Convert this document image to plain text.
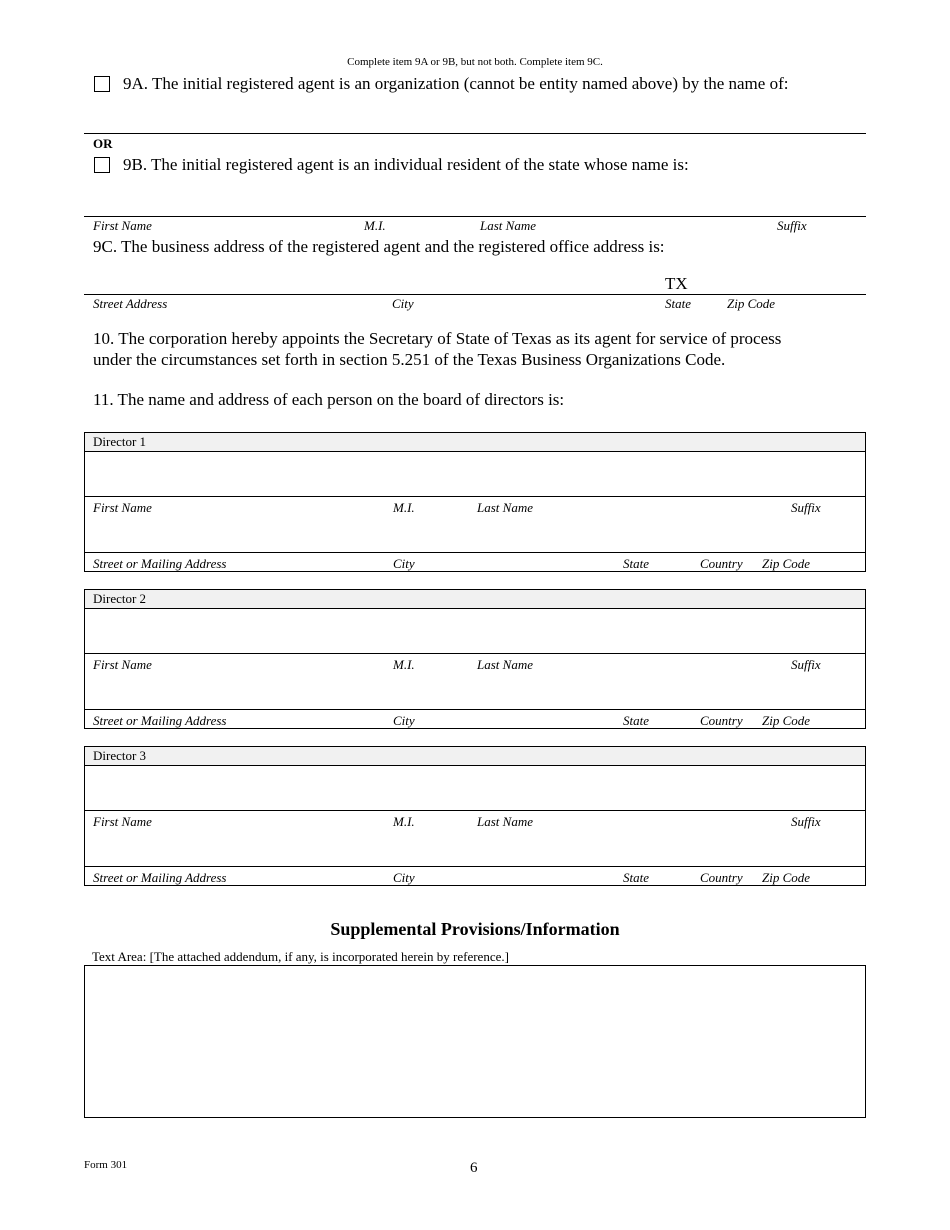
Complete item 9A or 9B, but not both. Complete item 9C.
9A. The initial registered agent is an organization (cannot be entity named above) by the name of:
OR
9B. The initial registered agent is an individual resident of the state whose name is:
First Name	M.I.	Last Name	Suffix
9C. The business address of the registered agent and the registered office address is:
TX
Street Address	City	State	Zip Code
10. The corporation hereby appoints the Secretary of State of Texas as its agent for service of process
under the circumstances set forth in section 5.251 of the Texas Business Organizations Code.
11. The name and address of each person on the board of directors is:
Director 1
First Name	M.I.	Last Name	Suffix
Street or Mailing Address	City	State	Country Zip Code
Director 2
First Name	M.I.	Last Name	Suffix
Street or Mailing Address	City	State	Country Zip Code
Director 3
First Name	M.I.	Last Name	Suffix
Street or Mailing Address	City	State	Country Zip Code
Supplemental Provisions/Information
Text Area: [The attached addendum, if any, is incorporated herein by reference.]
Form 301	6
